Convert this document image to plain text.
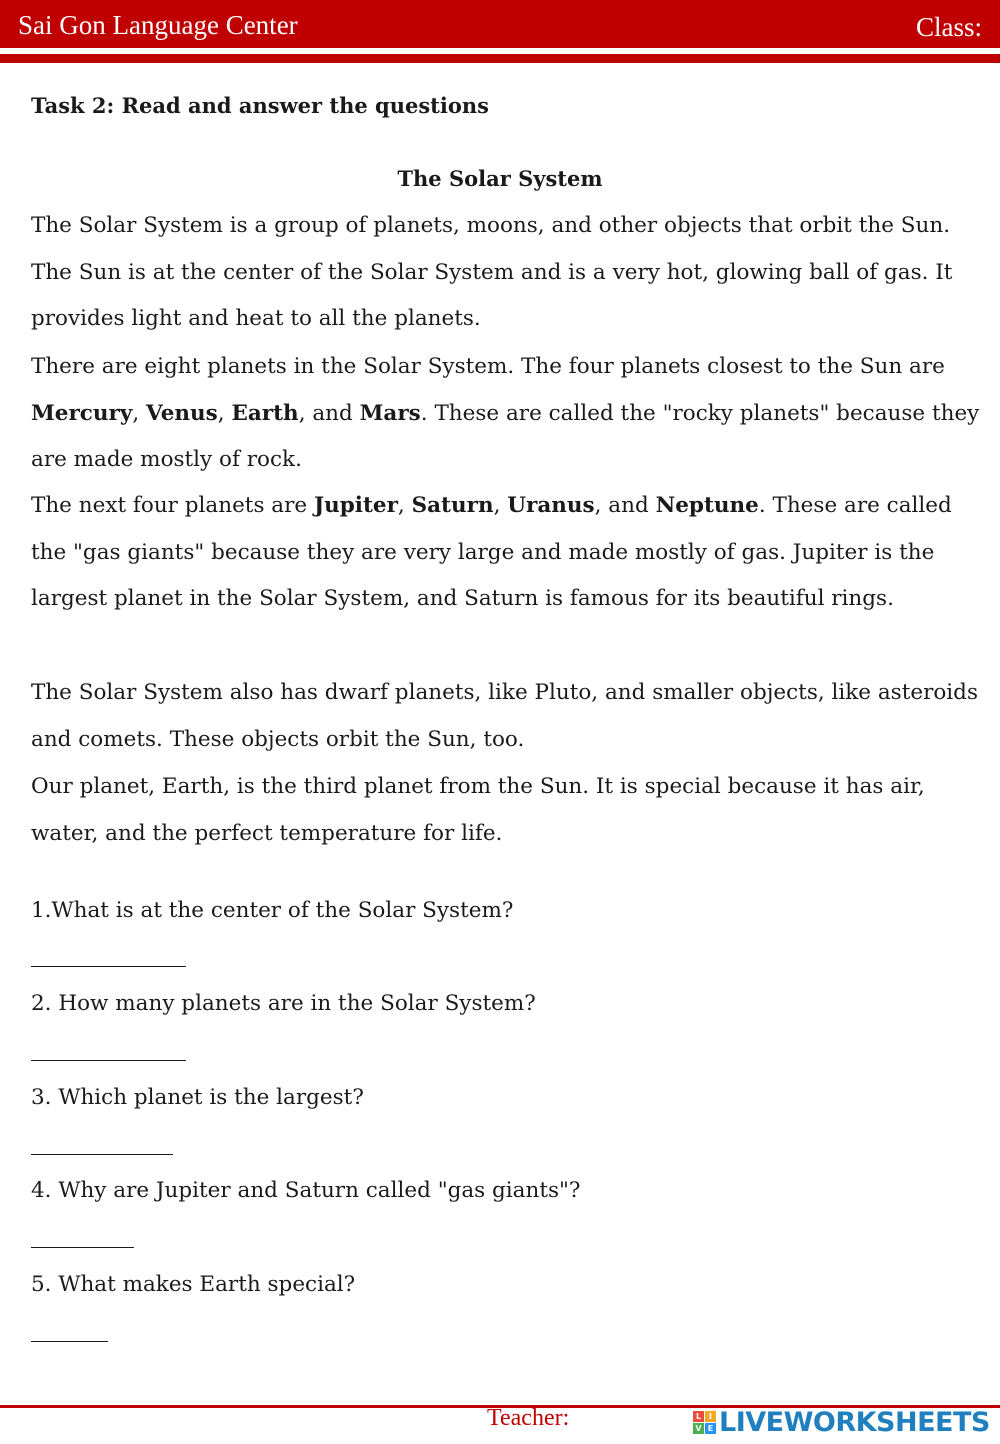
Sai Gon Language Center	Class:
Task 2: Read and answer the questions
The Solar System

The Solar System is a group of planets, moons, and other objects that orbit the Sun. The Sun is at the center of the Solar System and is a very hot, glowing ball of gas. It provides light and heat to all the planets.

There are eight planets in the Solar System. The four planets closest to the Sun are Mercury, Venus, Earth, and Mars. These are called the "rocky planets" because they are made mostly of rock.

The next four planets are Jupiter, Saturn, Uranus, and Neptune. These are called the "gas giants" because they are very large and made mostly of gas. Jupiter is the largest planet in the Solar System, and Saturn is famous for its beautiful rings.

The Solar System also has dwarf planets, like Pluto, and smaller objects, like asteroids and comets. These objects orbit the Sun, too.

Our planet, Earth, is the third planet from the Sun. It is special because it has air, water, and the perfect temperature for life.

1.What is at the center of the Solar System?
2. How many planets are in the Solar System?
3. Which planet is the largest?
4. Why are Jupiter and Saturn called "gas giants"?
5. What makes Earth special?
Teacher:	L I
V E LIVEWORKSHEETS
